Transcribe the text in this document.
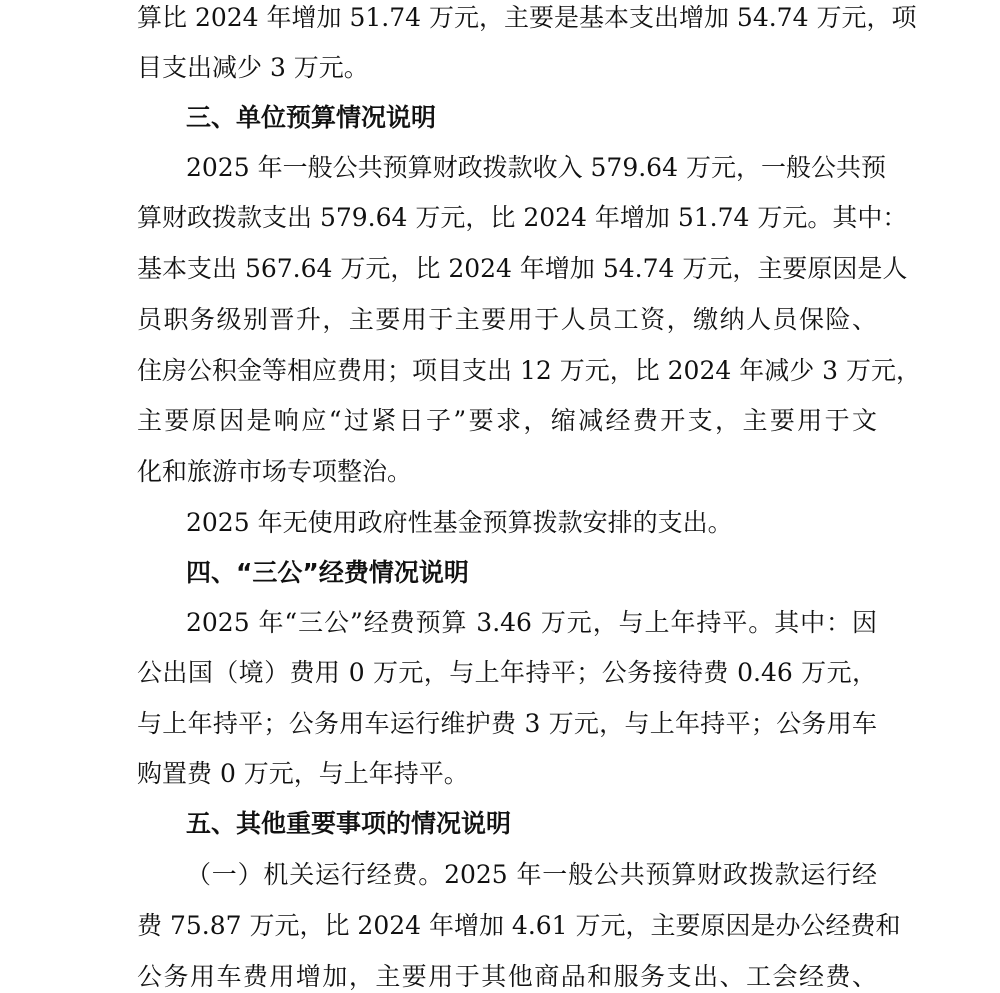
算比 2024 年增加 51.74 万元，主要是基本支出增加 54.74 万元，项
目支出减少 3 万元。
三、单位预算情况说明
2025 年一般公共预算财政拨款收入 579.64 万元，一般公共预
算财政拨款支出 579.64 万元，比 2024 年增加 51.74 万元。其中：
基本支出 567.64 万元，比 2024 年增加 54.74 万元，主要原因是人
员职务级别晋升，主要用于主要用于人员工资，缴纳人员保险、
住房公积金等相应费用；项目支出 12 万元，比 2024 年减少 3 万元，
主要原因是响应“过紧日子”要求，缩减经费开支，主要用于文
化和旅游市场专项整治。
2025 年无使用政府性基金预算拨款安排的支出。
四、“三公”经费情况说明
2025 年“三公”经费预算 3.46 万元，与上年持平。其中：因
公出国（境）费用 0 万元，与上年持平；公务接待费 0.46 万元，
与上年持平；公务用车运行维护费 3 万元，与上年持平；公务用车
购置费 0 万元，与上年持平。
五、其他重要事项的情况说明
（一）机关运行经费。2025 年一般公共预算财政拨款运行经
费 75.87 万元，比 2024 年增加 4.61 万元，主要原因是办公经费和
公务用车费用增加，主要用于其他商品和服务支出、工会经费、
